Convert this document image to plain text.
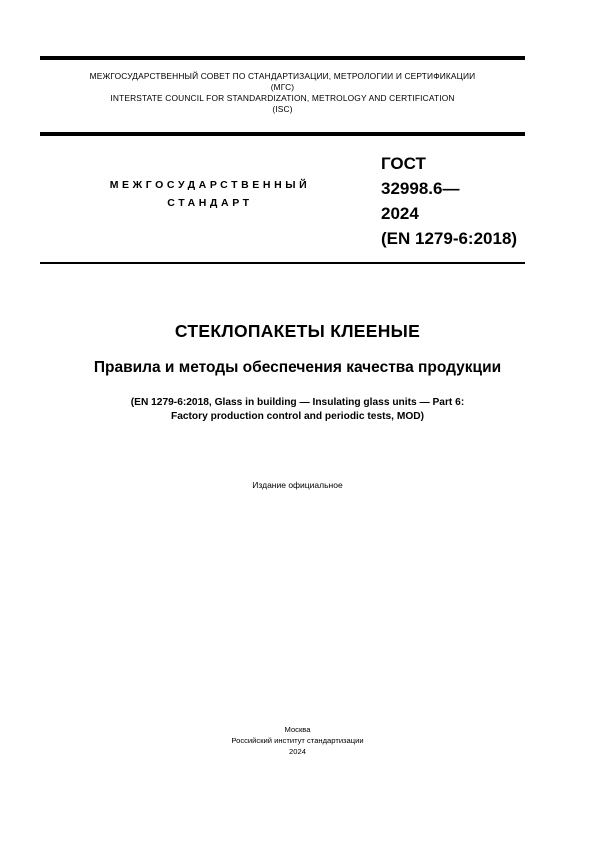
МЕЖГОСУДАРСТВЕННЫЙ СОВЕТ ПО СТАНДАРТИЗАЦИИ, МЕТРОЛОГИИ И СЕРТИФИКАЦИИ
(МГС)
INTERSTATE COUNCIL FOR STANDARDIZATION, METROLOGY AND CERTIFICATION
(ISC)
МЕЖГОСУДАРСТВЕННЫЙ
СТАНДАРТ
ГОСТ
32998.6—
2024
(EN 1279-6:2018)
СТЕКЛОПАКЕТЫ КЛЕЕНЫЕ
Правила и методы обеспечения качества продукции
(EN 1279-6:2018, Glass in building — Insulating glass units — Part 6:
Factory production control and periodic tests, MOD)
Издание официальное
Москва
Российский институт стандартизации
2024
